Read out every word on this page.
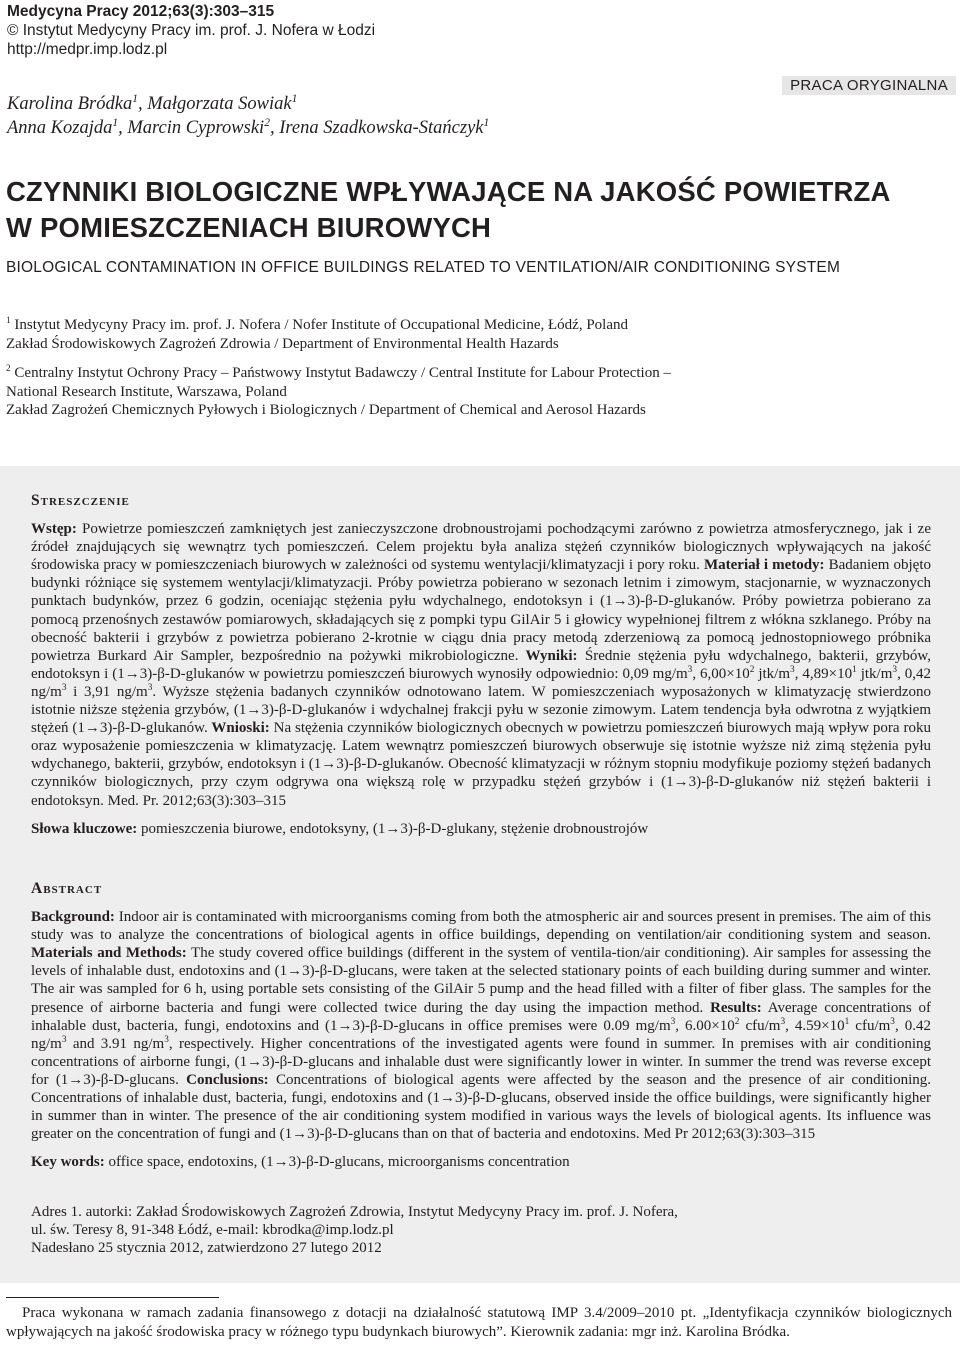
Medycyna Pracy 2012;63(3):303–315
© Instytut Medycyny Pracy im. prof. J. Nofera w Łodzi
http://medpr.imp.lodz.pl
PRACA ORYGINALNA
Karolina Bródka$^1$, Małgorzata Sowiak$^1$
Anna Kozajda$^1$, Marcin Cyprowski$^2$, Irena Szadkowska-Stańczyk$^1$
CZYNNIKI BIOLOGICZNE WPŁYWAJĄCE NA JAKOŚĆ POWIETRZA
W POMIESZCZENIACH BIUROWYCH
BIOLOGICAL CONTAMINATION IN OFFICE BUILDINGS RELATED TO VENTILATION/AIR CONDITIONING SYSTEM

$^1$ Instytut Medycyny Pracy im. prof. J. Nofera / Nofer Institute of Occupational Medicine, Łódź, Poland

Zakład Środowiskowych Zagrożeń Zdrowia / Department of Environmental Health Hazards

$^2$ Centralny Instytut Ochrony Pracy – Państwowy Instytut Badawczy / Central Institute for Labour Protection –

National Research Institute, Warszawa, Poland

Zakład Zagrożeń Chemicznych Pyłowych i Biologicznych / Department of Chemical and Aerosol Hazards

Streszczenie

Wstęp: Powietrze pomieszczeń zamkniętych jest zanieczyszczone drobnoustrojami pochodzącymi zarówno z powietrza atmosferycznego, jak i ze źródeł znajdujących się wewnątrz tych pomieszczeń. Celem projektu była analiza stężeń czynników biologicznych wpływających na jakość środowiska pracy w pomieszczeniach biurowych w zależności od systemu wentylacji/klimatyzacji i pory roku. Materiał i metody: Badaniem objęto budynki różniące się systemem wentylacji/klimatyzacji. Próby powietrza pobierano w sezonach letnim i zimowym, stacjonarnie, w wyznaczonych punktach budynków, przez 6 godzin, oceniając stężenia pyłu wdychalnego, endotoksyn i (1→3)-β-D-glukanów. Próby powietrza pobierano za pomocą przenośnych zestawów pomiarowych, składających się z pompki typu GilAir 5 i głowicy wypełnionej filtrem z włókna szklanego. Próby na obecność bakterii i grzybów z powietrza pobierano 2-krotnie w ciągu dnia pracy metodą zderzeniową za pomocą jednostopniowego próbnika powietrza Burkard Air Sampler, bezpośrednio na pożywki mikrobiologiczne. Wyniki: Średnie stężenia pyłu wdychalnego, bakterii, grzybów, endotoksyn i (1→3)-β-D-glukanów w powietrzu pomieszczeń biurowych wynosiły odpowiednio: 0,09 $mg/m^3$, $6,00\times 10^2$ jtk/$m^3$, $4,89\times 10^1$ jtk/$m^3$, 0,42 $ng/m^3$ i 3,91 $ng/m^3$. Wyższe stężenia badanych czynników odnotowano latem. W pomieszczeniach wyposażonych w klimatyzację stwierdzono istotnie niższe stężenia grzybów, (1→3)-β-D-glukanów i wdychalnej frakcji pyłu w sezonie zimowym. Latem tendencja była odwrotna z wyjątkiem stężeń (1→3)-β-D-glukanów. Wnioski: Na stężenia czynników biologicznych obecnych w powietrzu pomieszczeń biurowych mają wpływ pora roku oraz wyposażenie pomieszczenia w klimatyzację. Latem wewnątrz pomieszczeń biurowych obserwuje się istotnie wyższe niż zimą stężenia pyłu wdychanego, bakterii, grzybów, endotoksyn i (1→3)-β-D-glukanów. Obecność klimatyzacji w różnym stopniu modyfikuje poziomy stężeń badanych czynników biologicznych, przy czym odgrywa ona większą rolę w przypadku stężeń grzybów i (1→3)-β-D-glukanów niż stężeń bakterii i endotoksyn. Med. Pr. 2012;63(3):303–315

Słowa kluczowe: pomieszczenia biurowe, endotoksyny, (1→3)-β-D-glukany, stężenie drobnoustrojów

Abstract

Background: Indoor air is contaminated with microorganisms coming from both the atmospheric air and sources present in premises. The aim of this study was to analyze the concentrations of biological agents in office buildings, depending on ventilation/air conditioning system and season. Materials and Methods: The study covered office buildings (different in the system of ventila-tion/air conditioning). Air samples for assessing the levels of inhalable dust, endotoxins and (1→3)-β-D-glucans, were taken at the selected stationary points of each building during summer and winter. The air was sampled for 6 h, using portable sets consisting of the GilAir 5 pump and the head filled with a filter of fiber glass. The samples for the presence of airborne bacteria and fungi were collected twice during the day using the impaction method. Results: Average concentrations of inhalable dust, bacteria, fungi, endotoxins and (1→3)-β-D-glucans in office premises were 0.09 $mg/m^3$, $6.00\times 10^2$ cfu/$m^3$, $4.59\times 10^1$ cfu/$m^3$, 0.42 $ng/m^3$ and 3.91 $ng/m^3$, respectively. Higher concentrations of the investigated agents were found in summer. In premises with air conditioning concentrations of airborne fungi, (1→3)-β-D-glucans and inhalable dust were significantly lower in winter. In summer the trend was reverse except for (1→3)-β-D-glucans. Conclusions: Concentrations of biological agents were affected by the season and the presence of air conditioning. Concentrations of inhalable dust, bacteria, fungi, endotoxins and (1→3)-β-D-glucans, observed inside the office buildings, were significantly higher in summer than in winter. The presence of the air conditioning system modified in various ways the levels of biological agents. Its influence was greater on the concentration of fungi and (1→3)-β-D-glucans than on that of bacteria and endotoxins. Med Pr 2012;63(3):303–315

Key words: office space, endotoxins, (1→3)-β-D-glucans, microorganisms concentration

Adres 1. autorki: Zakład Środowiskowych Zagrożeń Zdrowia, Instytut Medycyny Pracy im. prof. J. Nofera,

ul. św. Teresy 8, 91-348 Łódź, e-mail: kbrodka@imp.lodz.pl

Nadesłano 25 stycznia 2012, zatwierdzono 27 lutego 2012

Praca wykonana w ramach zadania finansowego z dotacji na działalność statutową IMP 3.4/2009–2010 pt. „Identyfikacja czynników biologicznych wpływających na jakość środowiska pracy w różnego typu budynkach biurowych”. Kierownik zadania: mgr inż. Karolina Bródka.
